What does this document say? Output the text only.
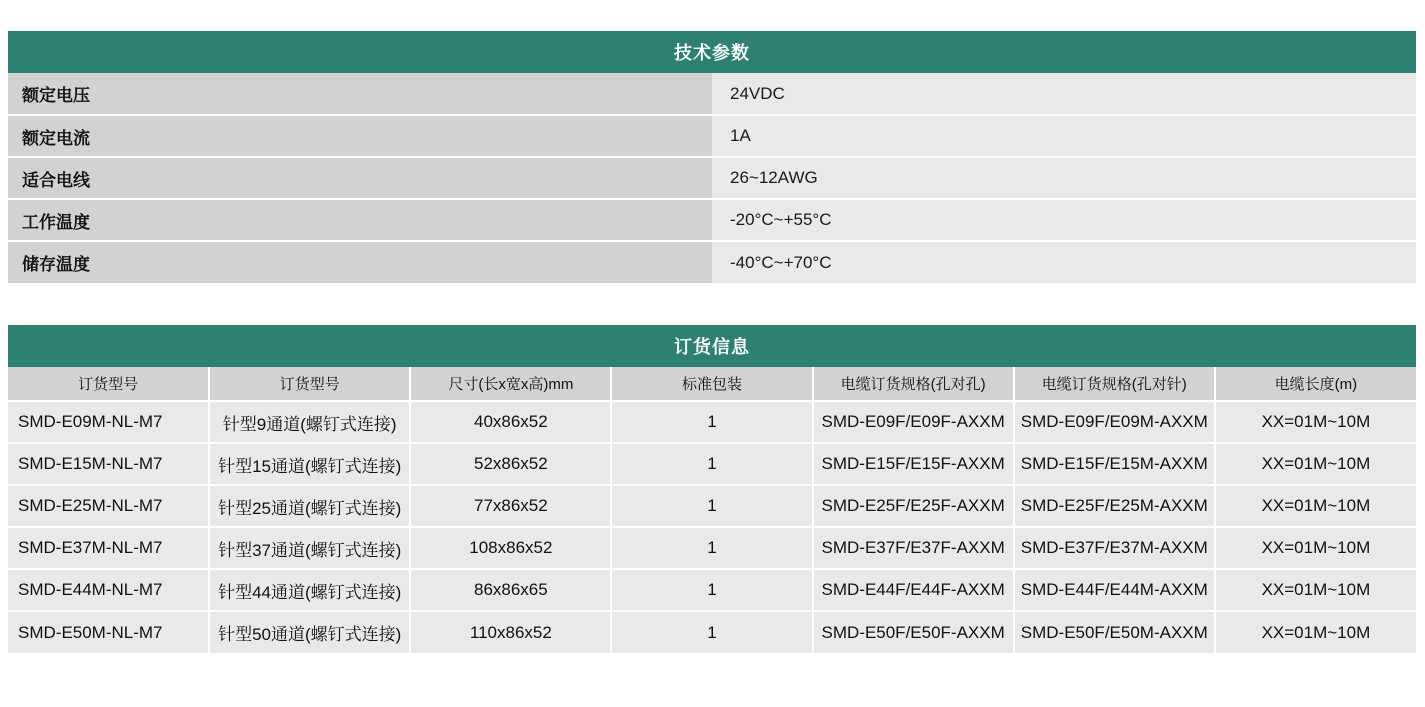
技术参数	
额定电压	24VDC
额定电流	1A
适合电线	26~12AWG
工作温度	-20°C~+55°C
储存温度	-40°C~+70°C
订货信息						
订货型号	订货型号	尺寸(长x宽x高)mm	标准包装	电缆订货规格(孔对孔)	电缆订货规格(孔对针)	电缆长度(m)
SMD-E09M-NL-M7	针型9通道(螺钉式连接)	40x86x52	1	SMD-E09F/E09F-AXXM	SMD-E09F/E09M-AXXM	XX=01M~10M
SMD-E15M-NL-M7	针型15通道(螺钉式连接)	52x86x52	1	SMD-E15F/E15F-AXXM	SMD-E15F/E15M-AXXM	XX=01M~10M
SMD-E25M-NL-M7	针型25通道(螺钉式连接)	77x86x52	1	SMD-E25F/E25F-AXXM	SMD-E25F/E25M-AXXM	XX=01M~10M
SMD-E37M-NL-M7	针型37通道(螺钉式连接)	108x86x52	1	SMD-E37F/E37F-AXXM	SMD-E37F/E37M-AXXM	XX=01M~10M
SMD-E44M-NL-M7	针型44通道(螺钉式连接)	86x86x65	1	SMD-E44F/E44F-AXXM	SMD-E44F/E44M-AXXM	XX=01M~10M
SMD-E50M-NL-M7	针型50通道(螺钉式连接)	110x86x52	1	SMD-E50F/E50F-AXXM	SMD-E50F/E50M-AXXM	XX=01M~10M
